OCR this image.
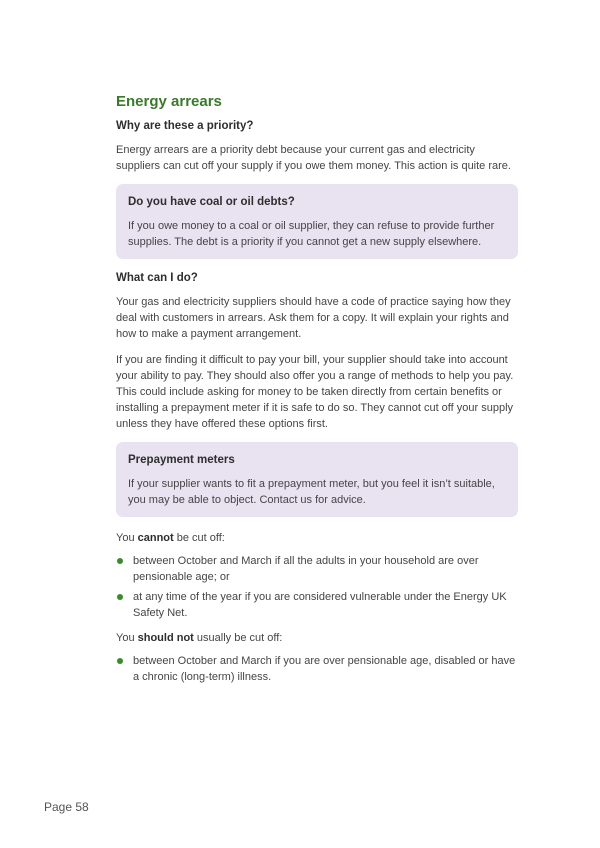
Energy arrears
Why are these a priority?

Energy arrears are a priority debt because your current gas and electricity suppliers can cut off your supply if you owe them money. This action is quite rare.

Do you have coal or oil debts?

If you owe money to a coal or oil supplier, they can refuse to provide further supplies. The debt is a priority if you cannot get a new supply elsewhere.

What can I do?

Your gas and electricity suppliers should have a code of practice saying how they deal with customers in arrears. Ask them for a copy. It will explain your rights and how to make a payment arrangement.

If you are finding it difficult to pay your bill, your supplier should take into account your ability to pay. They should also offer you a range of methods to help you pay. This could include asking for money to be taken directly from certain benefits or installing a prepayment meter if it is safe to do so. They cannot cut off your supply unless they have offered these options first.

Prepayment meters

If your supplier wants to fit a prepayment meter, but you feel it isn’t suitable, you may be able to object. Contact us for advice.

You cannot be cut off:

between October and March if all the adults in your household are over pensionable age; or
at any time of the year if you are considered vulnerable under the Energy UK Safety Net.

You should not usually be cut off:

between October and March if you are over pensionable age, disabled or have a chronic (long-term) illness.
Page 58
